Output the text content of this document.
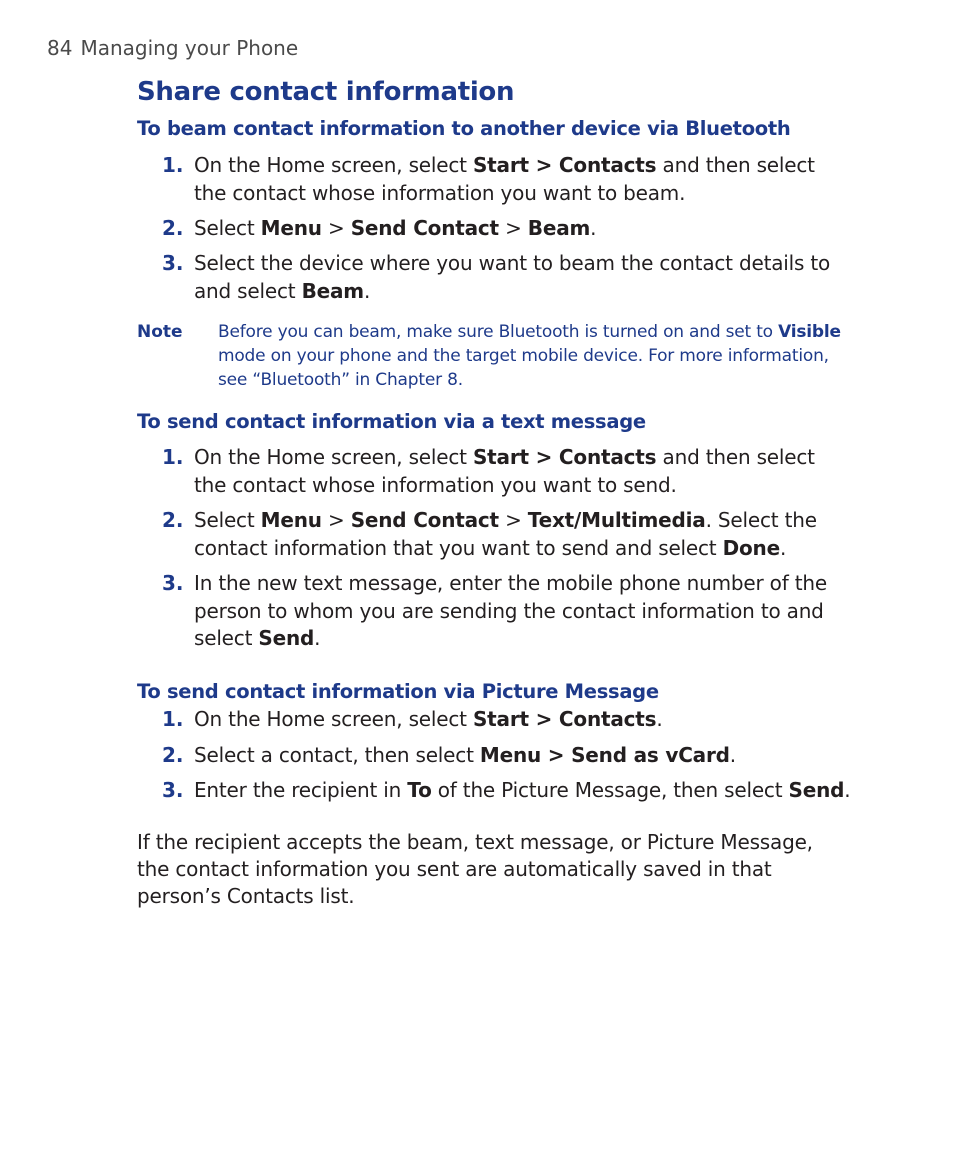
84 Managing your Phone
Share contact information
To beam contact information to another device via Bluetooth
1. On the Home screen, select Start > Contacts and then select the contact whose information you want to beam.
2. Select Menu > Send Contact > Beam.
3. Select the device where you want to beam the contact details to and select Beam.
Note Before you can beam, make sure Bluetooth is turned on and set to Visible mode on your phone and the target mobile device. For more information, see “Bluetooth” in Chapter 8.
To send contact information via a text message
1. On the Home screen, select Start > Contacts and then select the contact whose information you want to send.
2. Select Menu > Send Contact > Text/Multimedia. Select the contact information that you want to send and select Done.
3. In the new text message, enter the mobile phone number of the person to whom you are sending the contact information to and select Send.
To send contact information via Picture Message
1. On the Home screen, select Start > Contacts.
2. Select a contact, then select Menu > Send as vCard.
3. Enter the recipient in To of the Picture Message, then select Send.
If the recipient accepts the beam, text message, or Picture Message, the contact information you sent are automatically saved in that person’s Contacts list.
